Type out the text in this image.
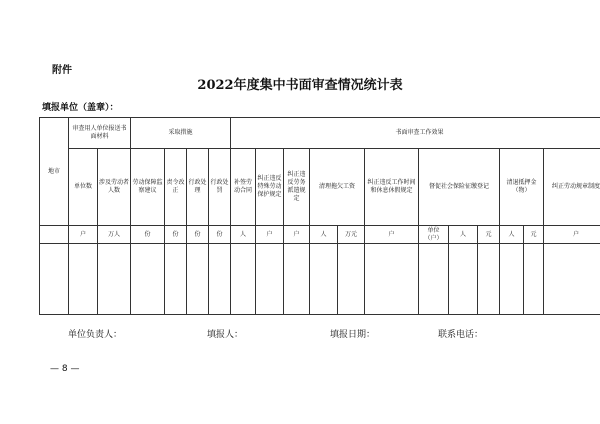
附件
2022年度集中书面审查情况统计表
填报单位（盖章）：
地市	审查用人单位报送书面材料		采取措施				书面审查工作效果											
	单位数	涉及劳动者人数	劳动保障监察建议	责令改正	行政处理	行政处罚	补签劳动合同	纠正违反特殊劳动保护规定	纠正违反劳务派遣规定	清理拖欠工资		纠正违反工作时间和休息休假规定	督促社会保险征缴登记			清退抵押金（物）		纠正劳动规章制度
	户	万人	份	份	份	份	人	户	户	人	万元	户	单位（户）	人	元	人	元	户

单位负责人：	填报人：	填报日期：	联系电话：
— 8 —
